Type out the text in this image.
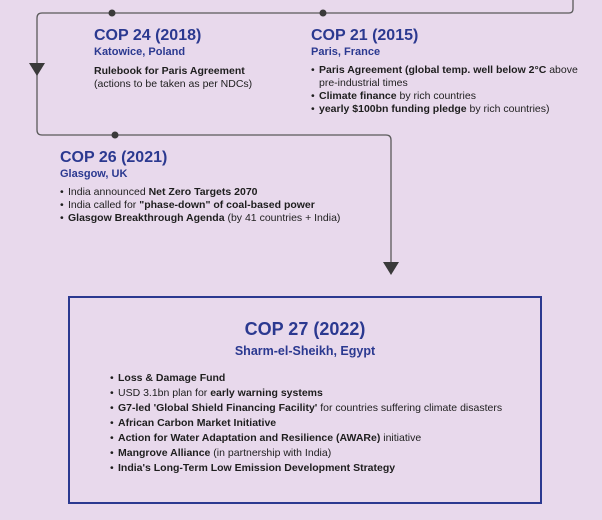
COP 24 (2018)
Katowice, Poland
Rulebook for Paris Agreement (actions to be taken as per NDCs)
COP 21 (2015)
Paris, France
• Paris Agreement (global temp. well below 2°C above pre-industrial times
• Climate finance by rich countries
• yearly $100bn funding pledge by rich countries)
COP 26 (2021)
Glasgow, UK
• India announced Net Zero Targets 2070
• India called for "phase-down" of coal-based power
• Glasgow Breakthrough Agenda (by 41 countries + India)
COP 27 (2022)
Sharm-el-Sheikh, Egypt
• Loss & Damage Fund
• USD 3.1bn plan for early warning systems
• G7-led 'Global Shield Financing Facility' for countries suffering climate disasters
• African Carbon Market Initiative
• Action for Water Adaptation and Resilience (AWARe) initiative
• Mangrove Alliance (in partnership with India)
• India's Long-Term Low Emission Development Strategy
